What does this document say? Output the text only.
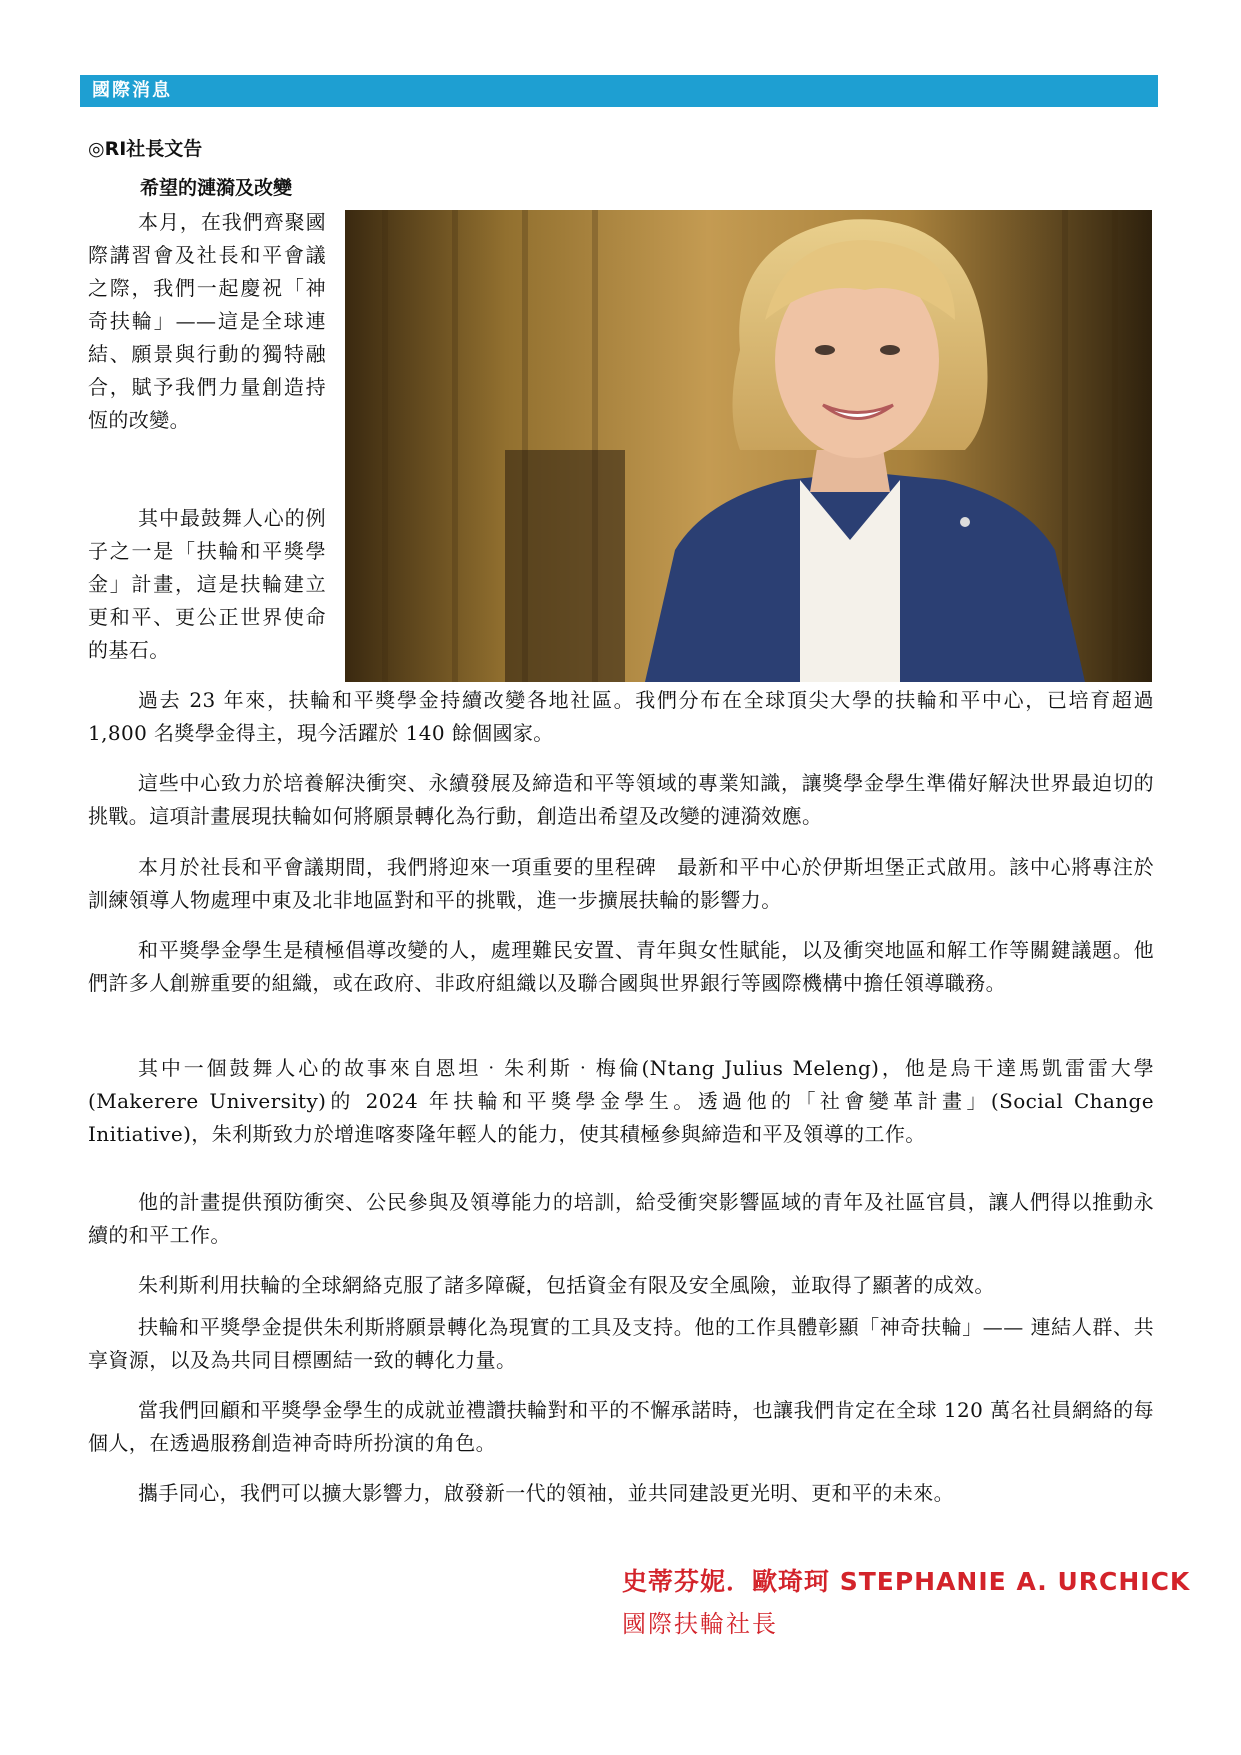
國際消息
◎RI社長文告
希望的漣漪及改變

本月，在我們齊聚國際講習會及社長和平會議之際，我們一起慶祝「神奇扶輪」——這是全球連結、願景與行動的獨特融合，賦予我們力量創造持恆的改變。

其中最鼓舞人心的例子之一是「扶輪和平獎學金」計畫，這是扶輪建立更和平、更公正世界使命的基石。

過去 23 年來，扶輪和平獎學金持續改變各地社區。我們分布在全球頂尖大學的扶輪和平中心，已培育超過 1,800 名獎學金得主，現今活躍於 140 餘個國家。

這些中心致力於培養解決衝突、永續發展及締造和平等領域的專業知識，讓獎學金學生準備好解決世界最迫切的挑戰。這項計畫展現扶輪如何將願景轉化為行動，創造出希望及改變的漣漪效應。

本月於社長和平會議期間，我們將迎來一項重要的里程碑　最新和平中心於伊斯坦堡正式啟用。該中心將專注於訓練領導人物處理中東及北非地區對和平的挑戰，進一步擴展扶輪的影響力。

和平獎學金學生是積極倡導改變的人，處理難民安置、青年與女性賦能，以及衝突地區和解工作等關鍵議題。他們許多人創辦重要的組織，或在政府、非政府組織以及聯合國與世界銀行等國際機構中擔任領導職務。

其中一個鼓舞人心的故事來自恩坦‧朱利斯‧梅倫(Ntang Julius Meleng)，他是烏干達馬凱雷雷大學(Makerere University)的 2024 年扶輪和平獎學金學生。透過他的「社會變革計畫」(Social Change Initiative)，朱利斯致力於增進喀麥隆年輕人的能力，使其積極參與締造和平及領導的工作。

他的計畫提供預防衝突、公民參與及領導能力的培訓，給受衝突影響區域的青年及社區官員，讓人們得以推動永續的和平工作。

朱利斯利用扶輪的全球網絡克服了諸多障礙，包括資金有限及安全風險，並取得了顯著的成效。

扶輪和平獎學金提供朱利斯將願景轉化為現實的工具及支持。他的工作具體彰顯「神奇扶輪」—— 連結人群、共享資源，以及為共同目標團結一致的轉化力量。

當我們回顧和平獎學金學生的成就並禮讚扶輪對和平的不懈承諾時，也讓我們肯定在全球 120 萬名社員網絡的每個人，在透過服務創造神奇時所扮演的角色。

攜手同心，我們可以擴大影響力，啟發新一代的領袖，並共同建設更光明、更和平的未來。

史蒂芬妮．歐琦珂 STEPHANIE A. URCHICK
國際扶輪社長
